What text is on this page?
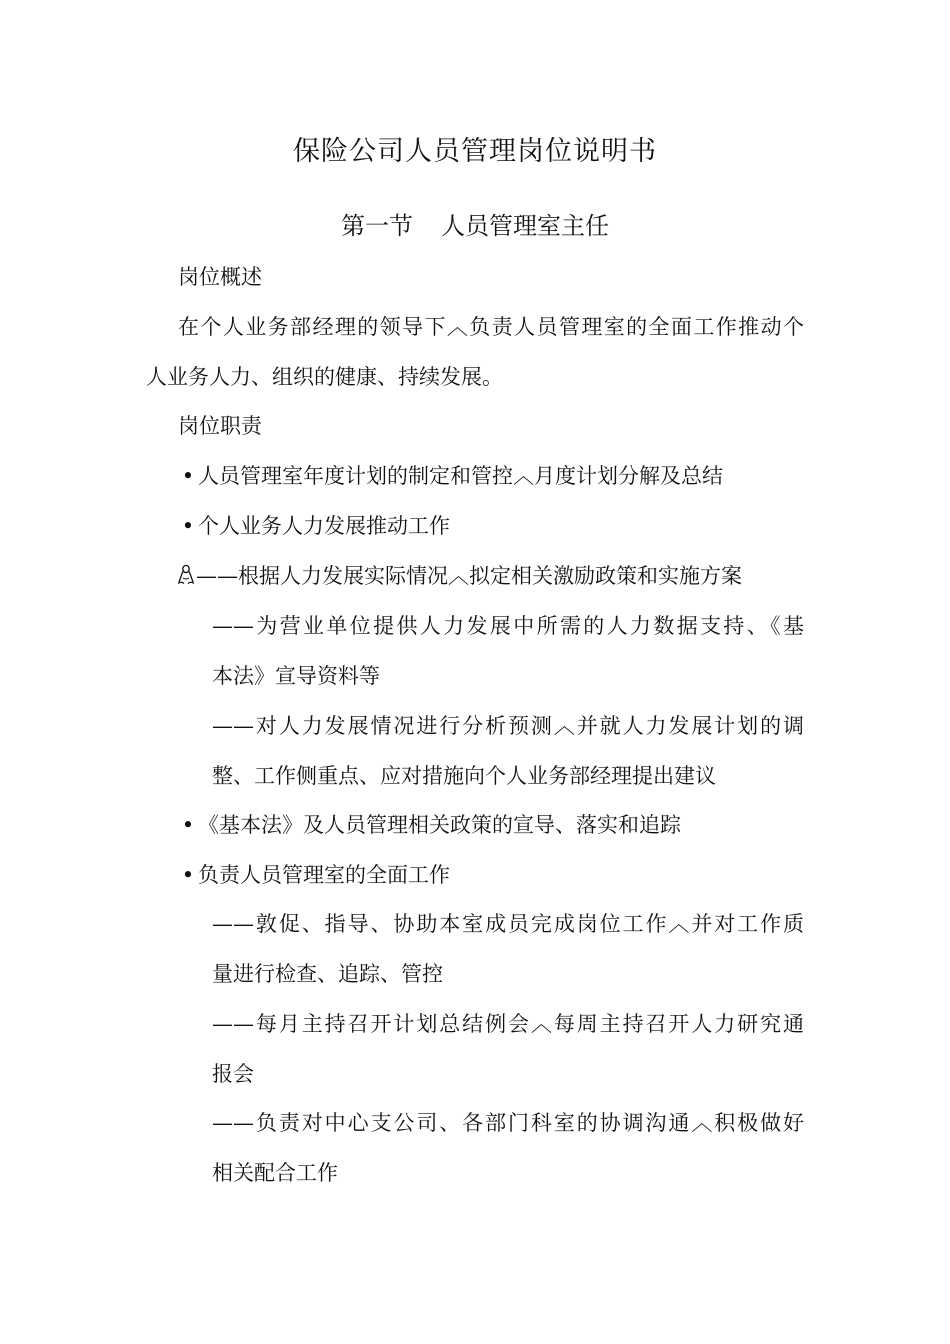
保险公司人员管理岗位说明书
第一节 人员管理室主任
岗位概述
在个人业务部经理的领导下︿负责人员管理室的全面工作推动个
人业务人力、组织的健康、持续发展。
岗位职责
• 人员管理室年度计划的制定和管控︿月度计划分解及总结
• 个人业务人力发展推动工作
——根据人力发展实际情况︿拟定相关激励政策和实施方案
——为营业单位提供人力发展中所需的人力数据支持、《基
本法》宣导资料等
——对人力发展情况进行分析预测︿并就人力发展计划的调
整、工作侧重点、应对措施向个人业务部经理提出建议
• 《基本法》及人员管理相关政策的宣导、落实和追踪
• 负责人员管理室的全面工作
——敦促、指导、协助本室成员完成岗位工作︿并对工作质
量进行检查、追踪、管控
——每月主持召开计划总结例会︿每周主持召开人力研究通
报会
——负责对中心支公司、各部门科室的协调沟通︿积极做好
相关配合工作
